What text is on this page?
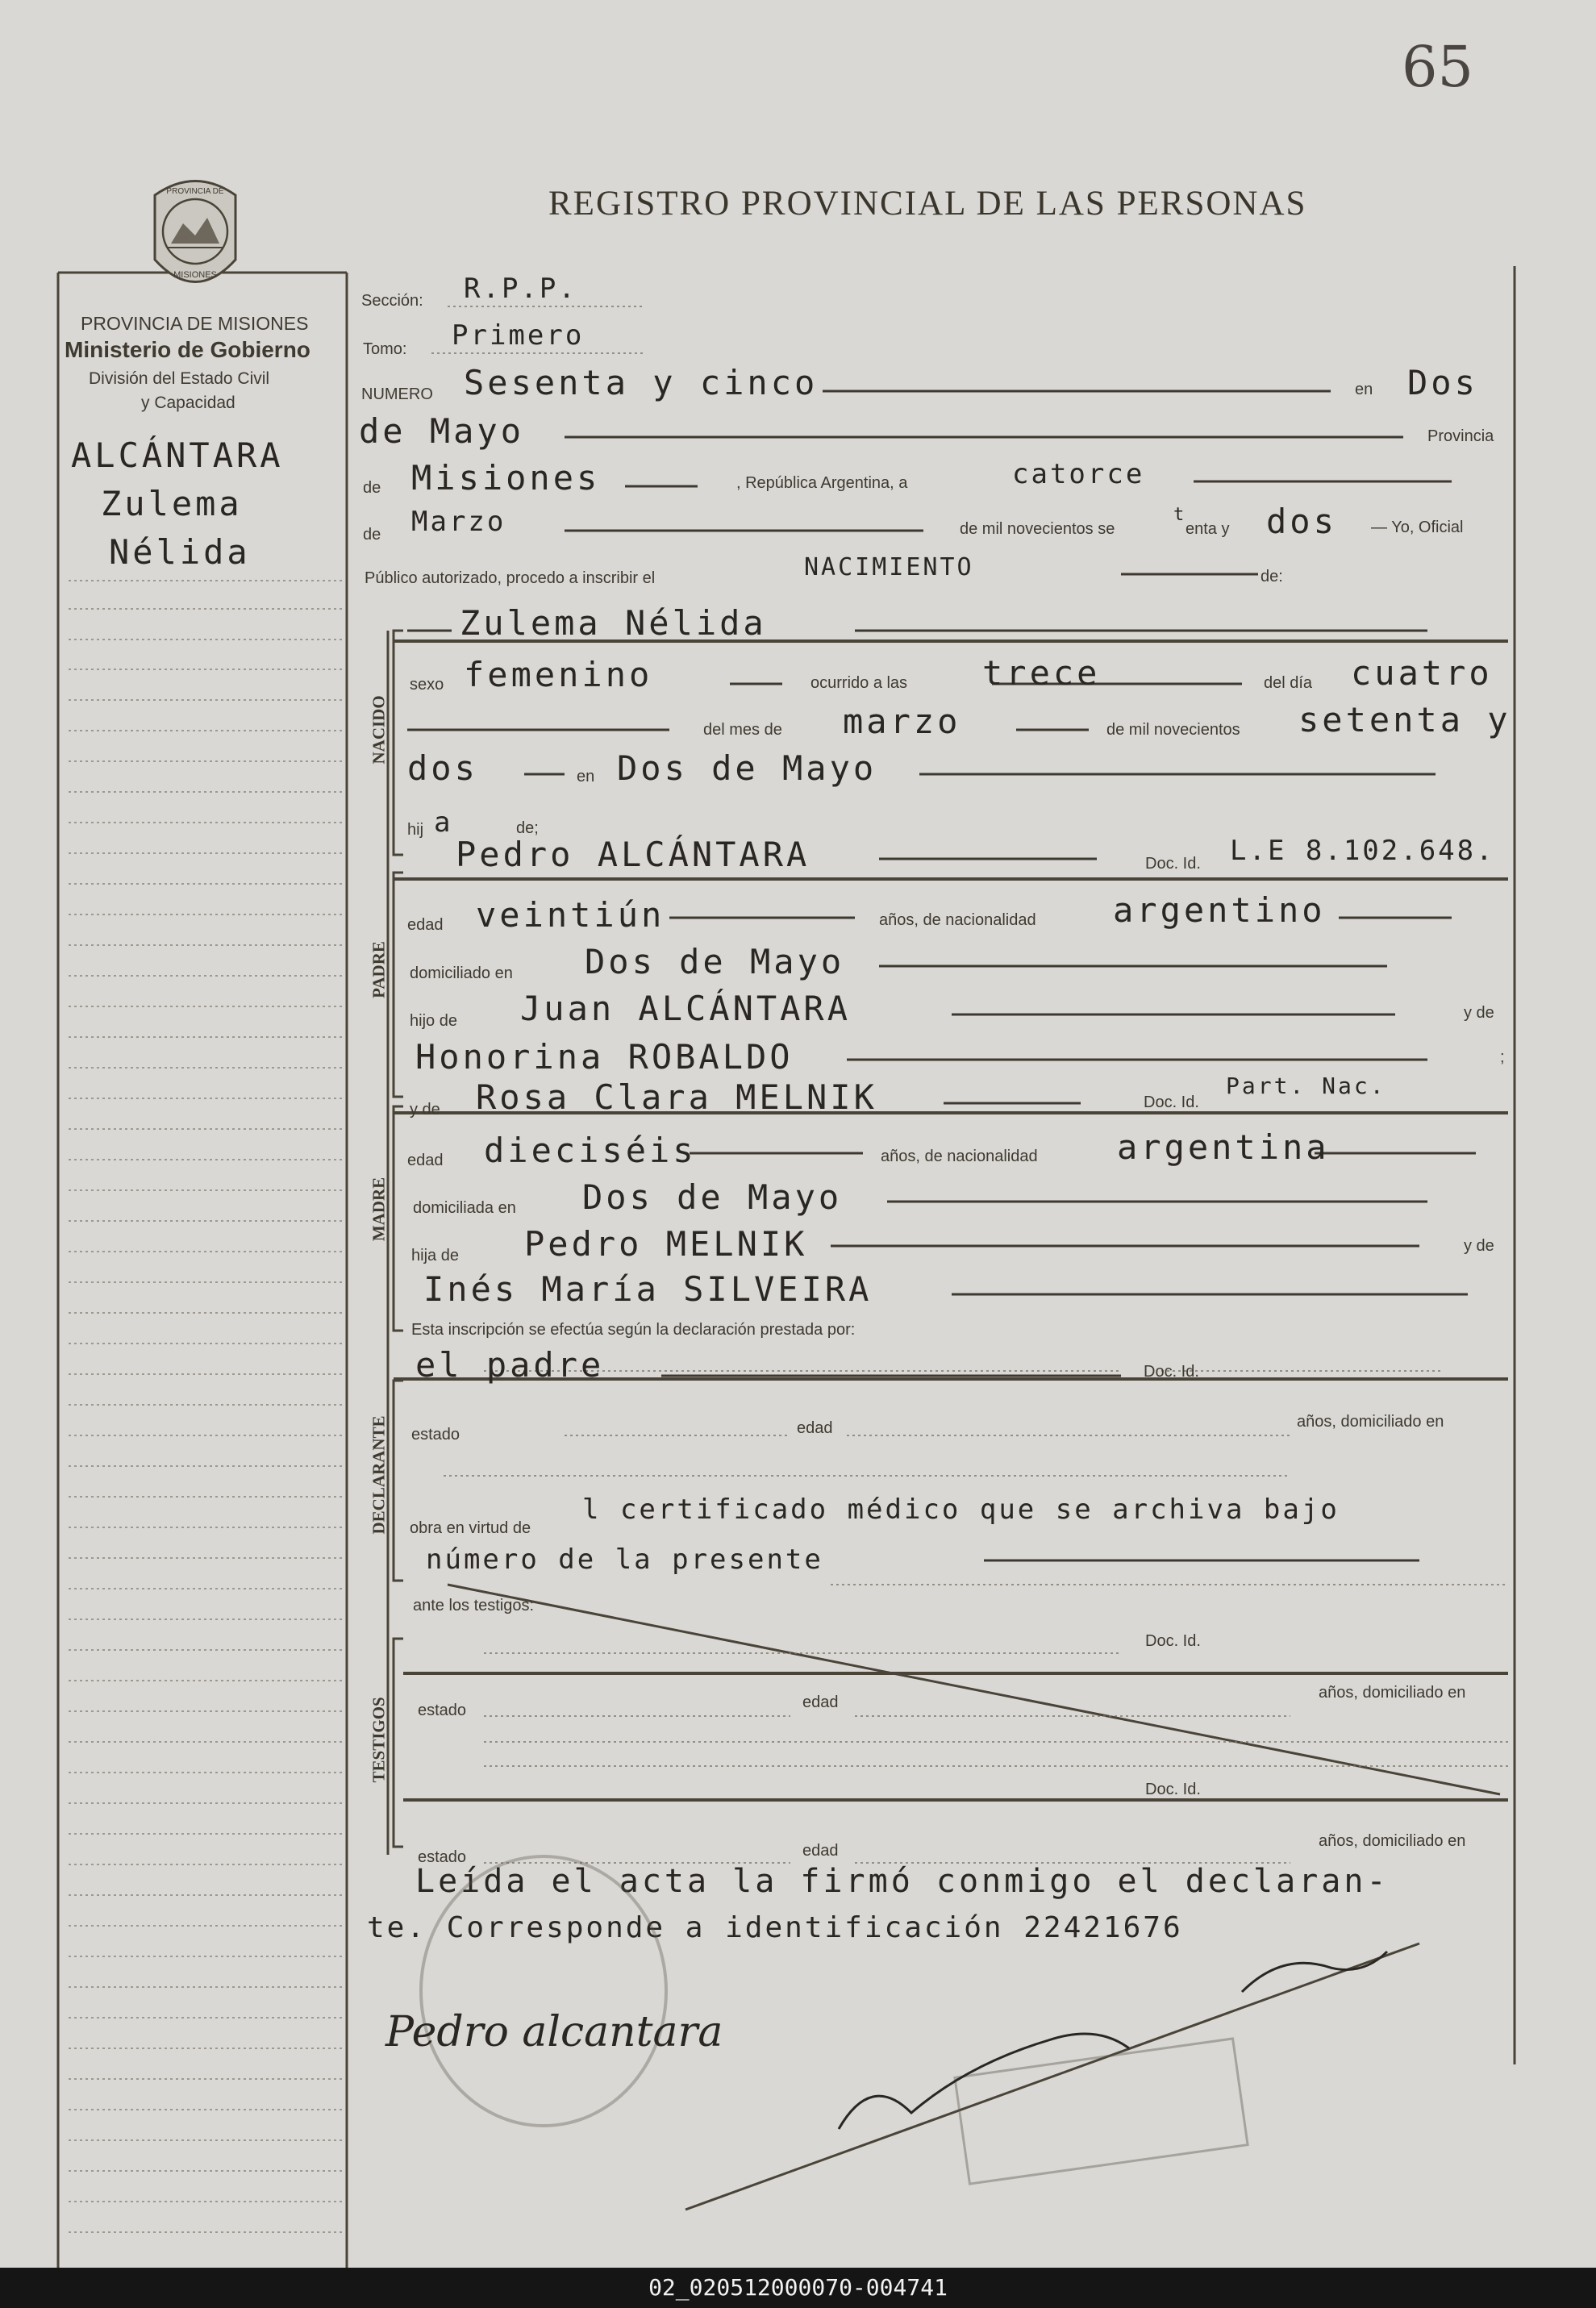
65
PROVINCIA DE
MISIONES
REGISTRO PROVINCIAL DE LAS PERSONAS
PROVINCIA DE MISIONES
Ministerio de Gobierno
División del Estado Civil
y Capacidad
ALCÁNTARA
Zulema
Nélida
NACIDO
PADRE
MADRE
DECLARANTE
TESTIGOS
Sección: R.P.P.
Tomo: Primero
NUMERO Sesenta y cinco	en Dos
de Mayo	Provincia
de Misiones	, República Argentina, a	catorce
de Marzo	de mil novecientos se
t
enta y dos — Yo, Oficial
Público autorizado, procedo a inscribir el	NACIMIENTO	de:
Zulema Nélida
sexo femenino	ocurrido a las trece	del día cuatro
del mes de marzo	de mil novecientos setenta y
dos	en Dos de Mayo
hij a	de;
Pedro ALCÁNTARA	Doc. Id. L.E 8.102.648.
edad veintiún	años, de nacionalidad argentino
domiciliado en Dos de Mayo
hijo de Juan ALCÁNTARA	y de
Honorina ROBALDO	;
y de Rosa Clara MELNIK	Doc. Id.
Part. Nac.
edad dieciséis	años, de nacionalidad argentina
domiciliada en Dos de Mayo
hija de Pedro MELNIK	y de
Inés María SILVEIRA
Esta inscripción se efectúa según la declaración prestada por:
el padre	Doc. Id.
estado	edad	años, domiciliado en
obra en virtud de
l certificado médico que se archiva bajo
número de la presente
ante los testigos:
Doc. Id.
estado	edad
años, domiciliado en
Doc. Id.
estado	edad
años, domiciliado en
Leída el acta la firmó conmigo el declaran-
te. Corresponde a identificación 22421676
Pedro alcantara
02_020512000070-004741
